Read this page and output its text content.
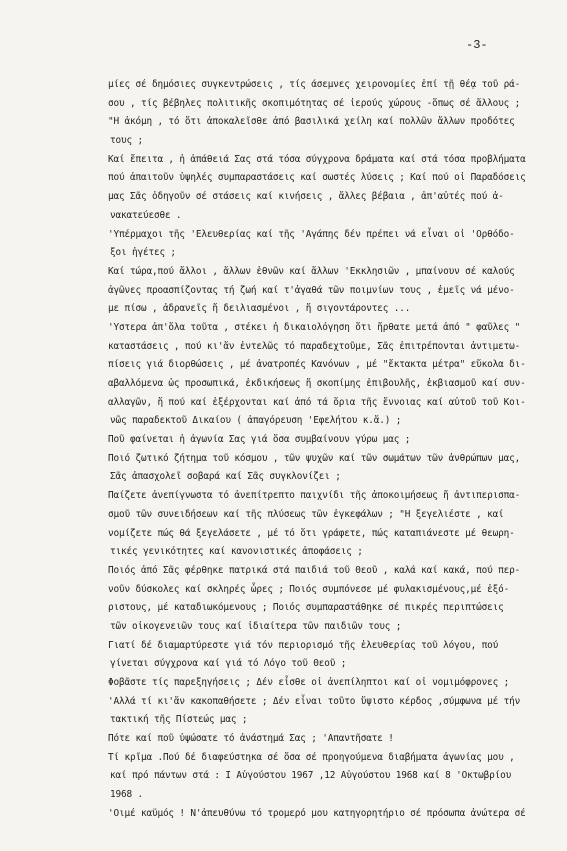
-3-
μίες σέ δημόσιες συγκεντρώσεις , τίς άσεμνες χειρονομίες ἐπί τῇ θέᾳ τοῦ ρά-
σου , τίς βέβηλες πολιτικῆς σκοπιμότητας σέ ἱερούς χώρους -ὅπως σέ ἄλλους ;
"Η ἀκόμη , τό ὅτι ἀποκαλεῖσθε ἀπό βασιλικά χείλη καί πολλῶν ἄλλων προδότες
τους ;
Καί ἔπειτα , ἡ ἀπάθειά Σας στά τόσα σύγχρονα δράματα καί στά τόσα προβλήματα
πού ἀπαιτοῦν ὑψηλές συμπαραστάσεις καί σωστές λύσεις ; Καί πού οἱ Παραδόσεις
μας Σᾶς ὁδηγοῦν σέ στάσεις καί κινήσεις , ἄλλες βέβαια , ἀπ'αὐτές πού ἀ-
νακατεύεσθε .
'Υπέρμαχοι τῆς 'Ελευθερίας καί τῆς 'Αγάπης δέν πρέπει νά εἶναι οἱ 'Ορθόδο-
ξοι ἡγέτες ;
Καί τώρα,πού ἄλλοι , ἄλλων ἐθνῶν καί ἄλλων 'Εκκλησιῶν , μπαίνουν σέ καλούς
ἀγῶνες προασπίζοντας τή ζωή καί τ'ἀγαθά τῶν ποιμνίων τους , ἐμεῖς νά μένο-
με πίσω , ἀδρανεῖς ἤ δειλιασμένοι , ἤ σιγοντάροντες ...
'Υστερα ἀπ'ὅλα τοῦτα , στέκει ἡ δικαιολόγηση ὅτι ἤρθατε μετά ἀπό " φαῦλες "
καταστάσεις , πού κι'ἄν ἐντελῶς τό παραδεχτοῦμε, Σᾶς ἐπιτρέπονται ἀντιμετω-
πίσεις γιά διορθώσεις , μέ ἀνατροπές Κανόνων , μέ "ἔκτακτα μέτρα" εὔκολα δι-
αβαλλόμενα ὡς προσωπικά, ἐκδικήσεως ἤ σκοπίμης ἐπιβουλῆς, ἐκβιασμοῦ καί συν-
αλλαγῶν, ἤ πού καί ἐξέρχονται καί ἀπό τά ὅρια τῆς ἔννοιας καί αὐτοῦ τοῦ Κοι-
νῶς παραδεκτοῦ Δικαίου ( ἀπαγόρευση 'Εφελήτου κ.ἄ.) ;
Ποῦ φαίνεται ἡ ἀγωνία Σας γιά ὅσα συμβαίνουν γύρω μας ;
Ποιό ζωτικό ζήτημα τοῦ κόσμου , τῶν ψυχῶν καί τῶν σωμάτων τῶν ἀνθρώπων μας,
Σᾶς ἀπασχολεῖ σοβαρά καί Σᾶς συγκλονίζει ;
Παίζετε ἀνεπίγνωστα τό ἀνεπίτρεπτο παιχνίδι τῆς ἀποκοιμήσεως ἤ ἀντιπερισπα-
σμοῦ τῶν συνειδήσεων καί τῆς πλύσεως τῶν ἐγκεφάλων ; "Η ξεγελιέστε , καί
νομίζετε πώς θά ξεγελάσετε , μέ τό ὅτι γράφετε, πώς καταπιάνεστε μέ θεωρη-
τικές γενικότητες καί κανονιστικές ἀποφάσεις ;
Ποιός ἀπό Σᾶς φέρθηκε πατρικά στά παιδιά τοῦ Θεοῦ , καλά καί κακά, πού περ-
νοῦν δύσκολες καί σκληρές ὧρες ; Ποιός συμπόνεσε μέ φυλακισμένους,μέ ἐξό-
ριστους, μέ καταδιωκόμενους ; Ποιός συμπαραστάθηκε σέ πικρές περιπτώσεις
τῶν οἰκογενειῶν τους καί ἰδιαίτερα τῶν παιδιῶν τους ;
Γιατί δέ διαμαρτύρεστε γιά τόν περιορισμό τῆς ἐλευθερίας τοῦ λόγου, πού
γίνεται σύγχρονα καί γιά τό Λόγο τοῦ Θεοῦ ;
Φοβᾶστε τίς παρεξηγήσεις ; Δέν εἶσθε οἱ ἀνεπίληπτοι καί οἱ νομιμόφρονες ;
'Αλλά τί κι'ἄν κακοπαθήσετε ; Δέν εἶναι τοῦτο ὕψιστο κέρδος ,σύμφωνα μέ τήν
τακτική τῆς Πίστεώς μας ;
Πότε καί ποῦ ὑψώσατε τό ἀνάστημά Σας ; 'Απαντῆσατε !
Τί κρῖμα .Πού δέ διαφεύστηκα σέ ὅσα σέ προηγούμενα διαβήματα ἀγωνίας μου ,
καί πρό πάντων στά : Ι Αὐγούστου 1967 ,12 Αὐγούστου 1968 καί 8 'Οκτωβρίου
1968 .
'Οιμέ καϋμός ! Ν'ἀπευθύνω τό τρομερό μου κατηγορητήριο σέ πρόσωπα ἀνώτερα σέ
